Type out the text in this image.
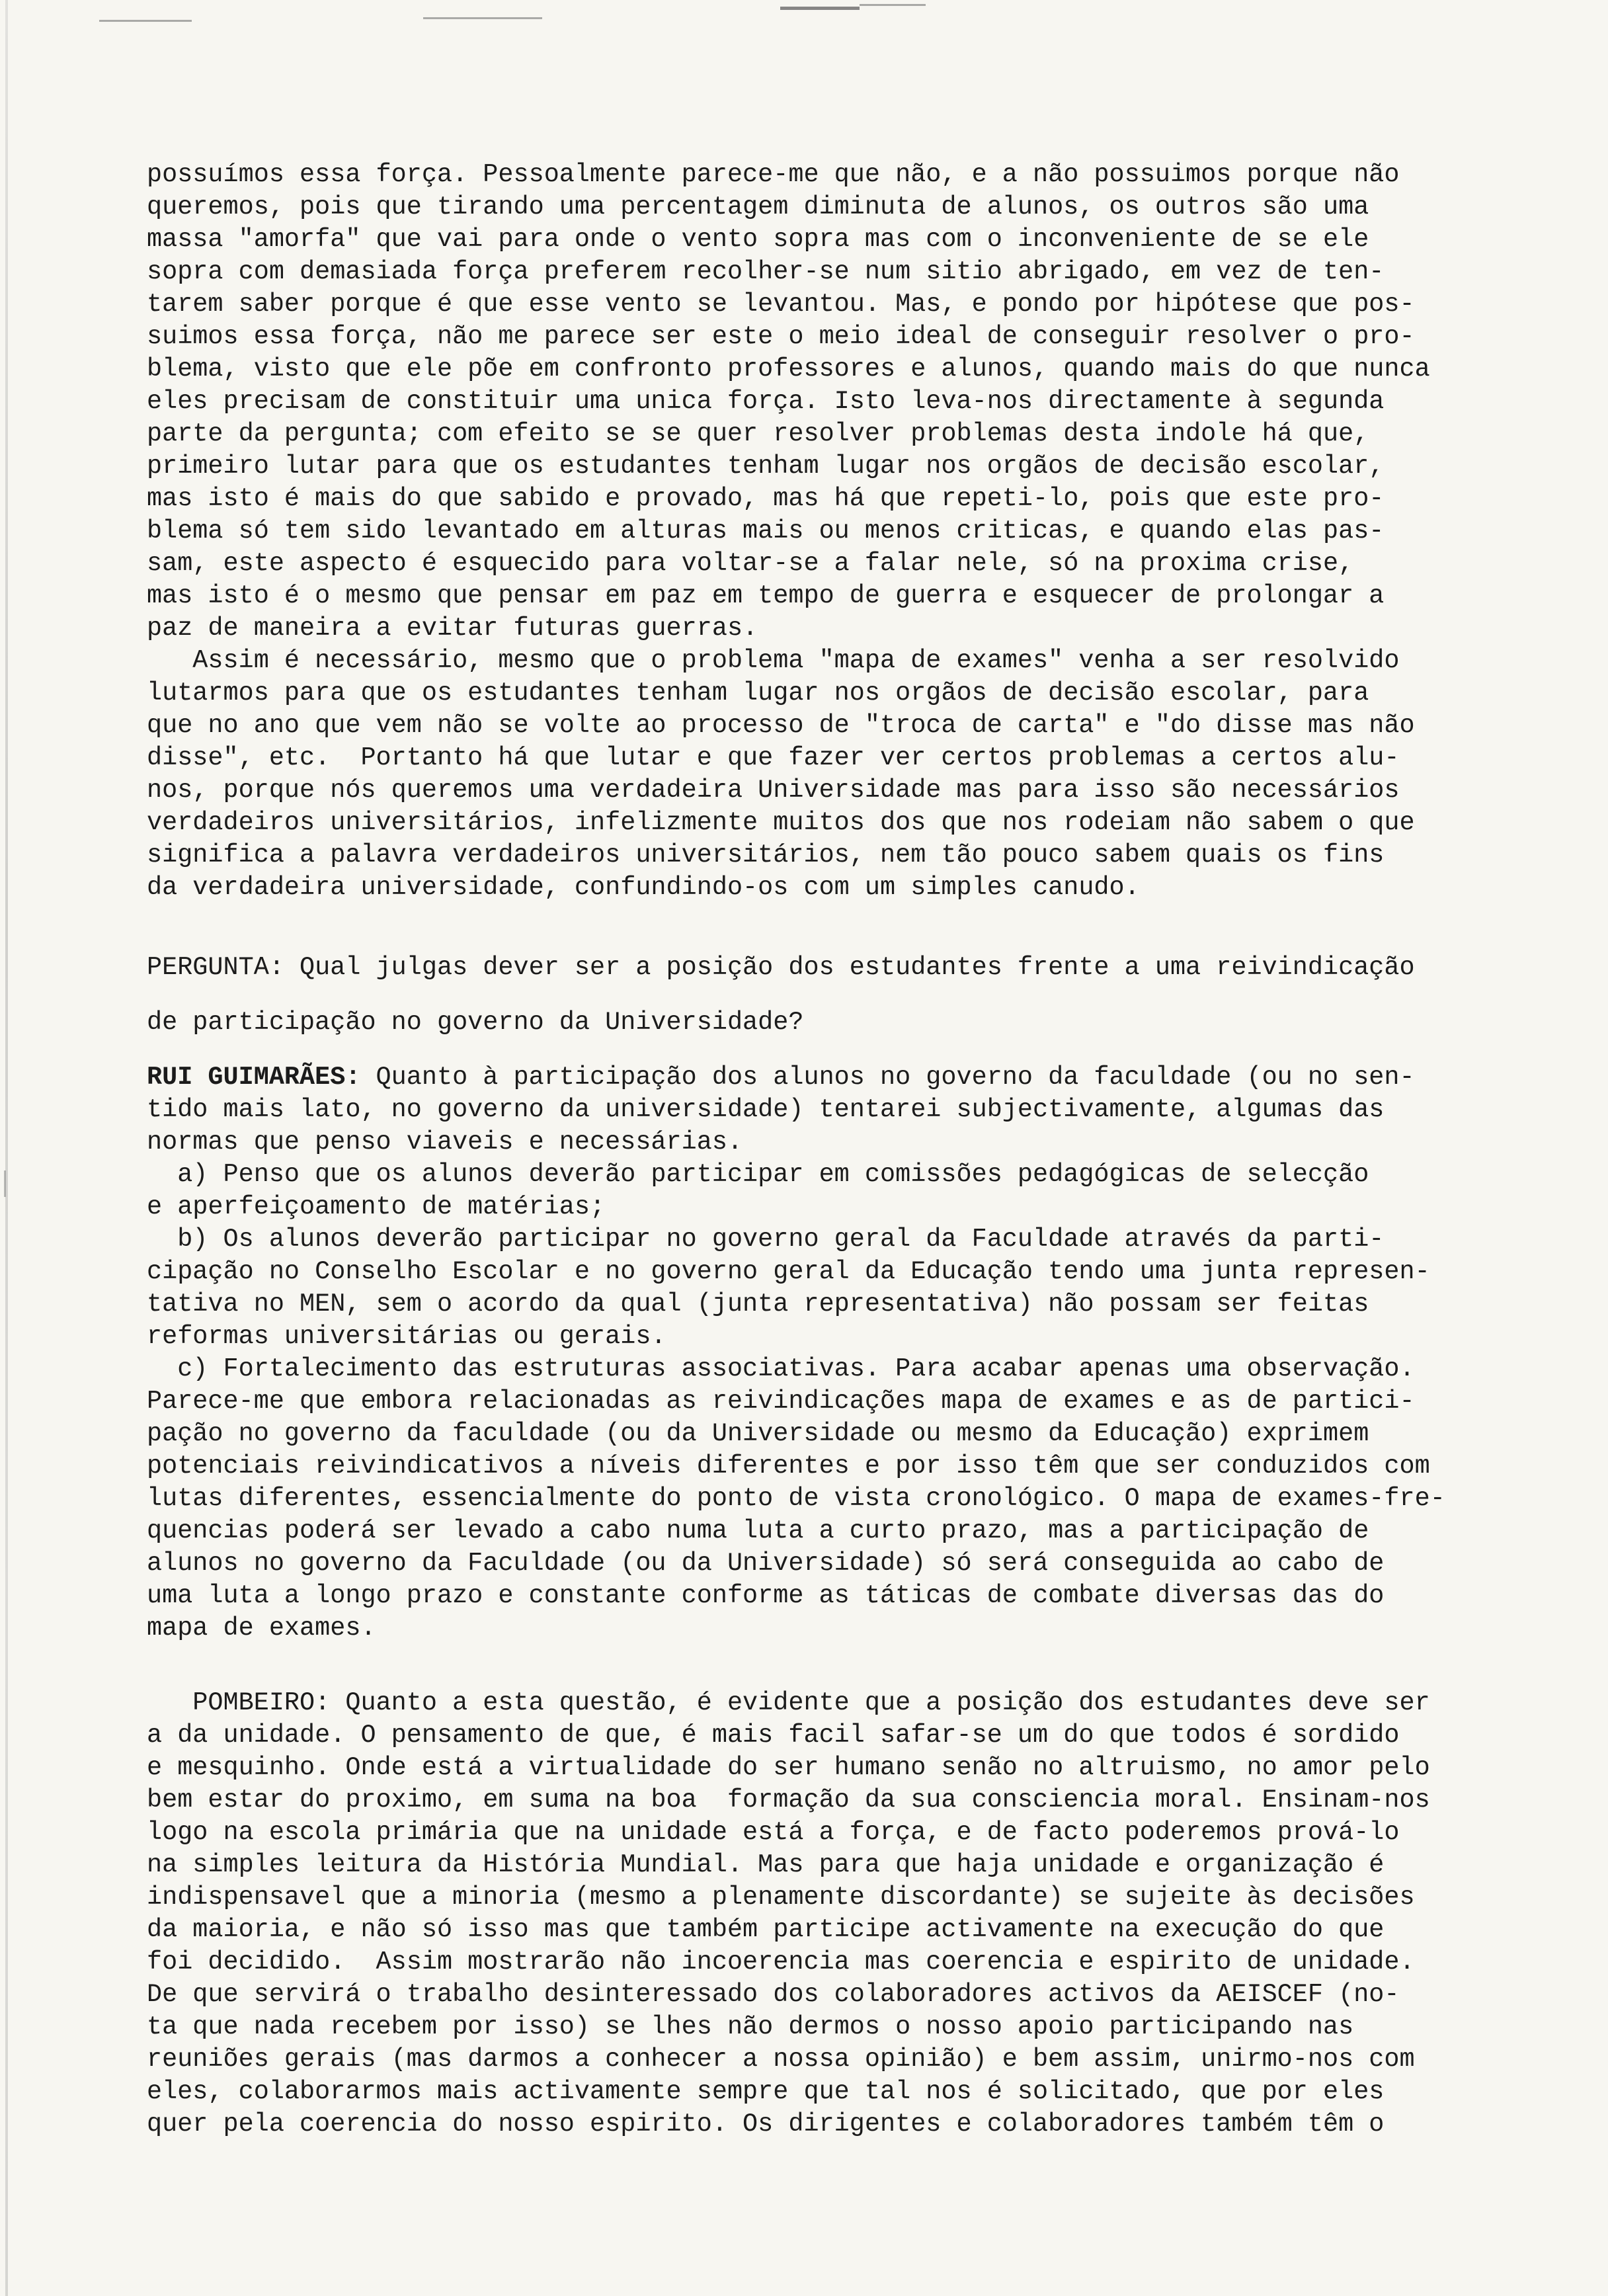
possuímos essa força. Pessoalmente parece-me que não, e a não possuimos porque não

queremos, pois que tirando uma percentagem diminuta de alunos, os outros são uma

massa "amorfa" que vai para onde o vento sopra mas com o inconveniente de se ele

sopra com demasiada força preferem recolher-se num sitio abrigado, em vez de ten-

tarem saber porque é que esse vento se levantou. Mas, e pondo por hipótese que pos-

suimos essa força, não me parece ser este o meio ideal de conseguir resolver o pro-

blema, visto que ele põe em confronto professores e alunos, quando mais do que nunca

eles precisam de constituir uma unica força. Isto leva-nos directamente à segunda

parte da pergunta; com efeito se se quer resolver problemas desta indole há que,

primeiro lutar para que os estudantes tenham lugar nos orgãos de decisão escolar,

mas isto é mais do que sabido e provado, mas há que repeti-lo, pois que este pro-

blema só tem sido levantado em alturas mais ou menos criticas, e quando elas pas-

sam, este aspecto é esquecido para voltar-se a falar nele, só na proxima crise,

mas isto é o mesmo que pensar em paz em tempo de guerra e esquecer de prolongar a

paz de maneira a evitar futuras guerras.

Assim é necessário, mesmo que o problema "mapa de exames" venha a ser resolvido

lutarmos para que os estudantes tenham lugar nos orgãos de decisão escolar, para

que no ano que vem não se volte ao processo de "troca de carta" e "do disse mas não

disse", etc.  Portanto há que lutar e que fazer ver certos problemas a certos alu-

nos, porque nós queremos uma verdadeira Universidade mas para isso são necessários

verdadeiros universitários, infelizmente muitos dos que nos rodeiam não sabem o que

significa a palavra verdadeiros universitários, nem tão pouco sabem quais os fins

da verdadeira universidade, confundindo-os com um simples canudo.

PERGUNTA: Qual julgas dever ser a posição dos estudantes frente a uma reivindicação

de participação no governo da Universidade?

RUI GUIMARÃES: Quanto à participação dos alunos no governo da faculdade (ou no sen-

tido mais lato, no governo da universidade) tentarei subjectivamente, algumas das

normas que penso viaveis e necessárias.

a) Penso que os alunos deverão participar em comissões pedagógicas de selecção

e aperfeiçoamento de matérias;

b) Os alunos deverão participar no governo geral da Faculdade através da parti-

cipação no Conselho Escolar e no governo geral da Educação tendo uma junta represen-

tativa no MEN, sem o acordo da qual (junta representativa) não possam ser feitas

reformas universitárias ou gerais.

c) Fortalecimento das estruturas associativas. Para acabar apenas uma observação.

Parece-me que embora relacionadas as reivindicações mapa de exames e as de partici-

pação no governo da faculdade (ou da Universidade ou mesmo da Educação) exprimem

potenciais reivindicativos a níveis diferentes e por isso têm que ser conduzidos com

lutas diferentes, essencialmente do ponto de vista cronológico. O mapa de exames-fre-

quencias poderá ser levado a cabo numa luta a curto prazo, mas a participação de

alunos no governo da Faculdade (ou da Universidade) só será conseguida ao cabo de

uma luta a longo prazo e constante conforme as táticas de combate diversas das do

mapa de exames.

POMBEIRO: Quanto a esta questão, é evidente que a posição dos estudantes deve ser

a da unidade. O pensamento de que, é mais facil safar-se um do que todos é sordido

e mesquinho. Onde está a virtualidade do ser humano senão no altruismo, no amor pelo

bem estar do proximo, em suma na boa  formação da sua consciencia moral. Ensinam-nos

logo na escola primária que na unidade está a força, e de facto poderemos prová-lo

na simples leitura da História Mundial. Mas para que haja unidade e organização é

indispensavel que a minoria (mesmo a plenamente discordante) se sujeite às decisões

da maioria, e não só isso mas que também participe activamente na execução do que

foi decidido.  Assim mostrarão não incoerencia mas coerencia e espirito de unidade.

De que servirá o trabalho desinteressado dos colaboradores activos da AEISCEF (no-

ta que nada recebem por isso) se lhes não dermos o nosso apoio participando nas

reuniões gerais (mas darmos a conhecer a nossa opinião) e bem assim, unirmo-nos com

eles, colaborarmos mais activamente sempre que tal nos é solicitado, que por eles

quer pela coerencia do nosso espirito. Os dirigentes e colaboradores também têm o
